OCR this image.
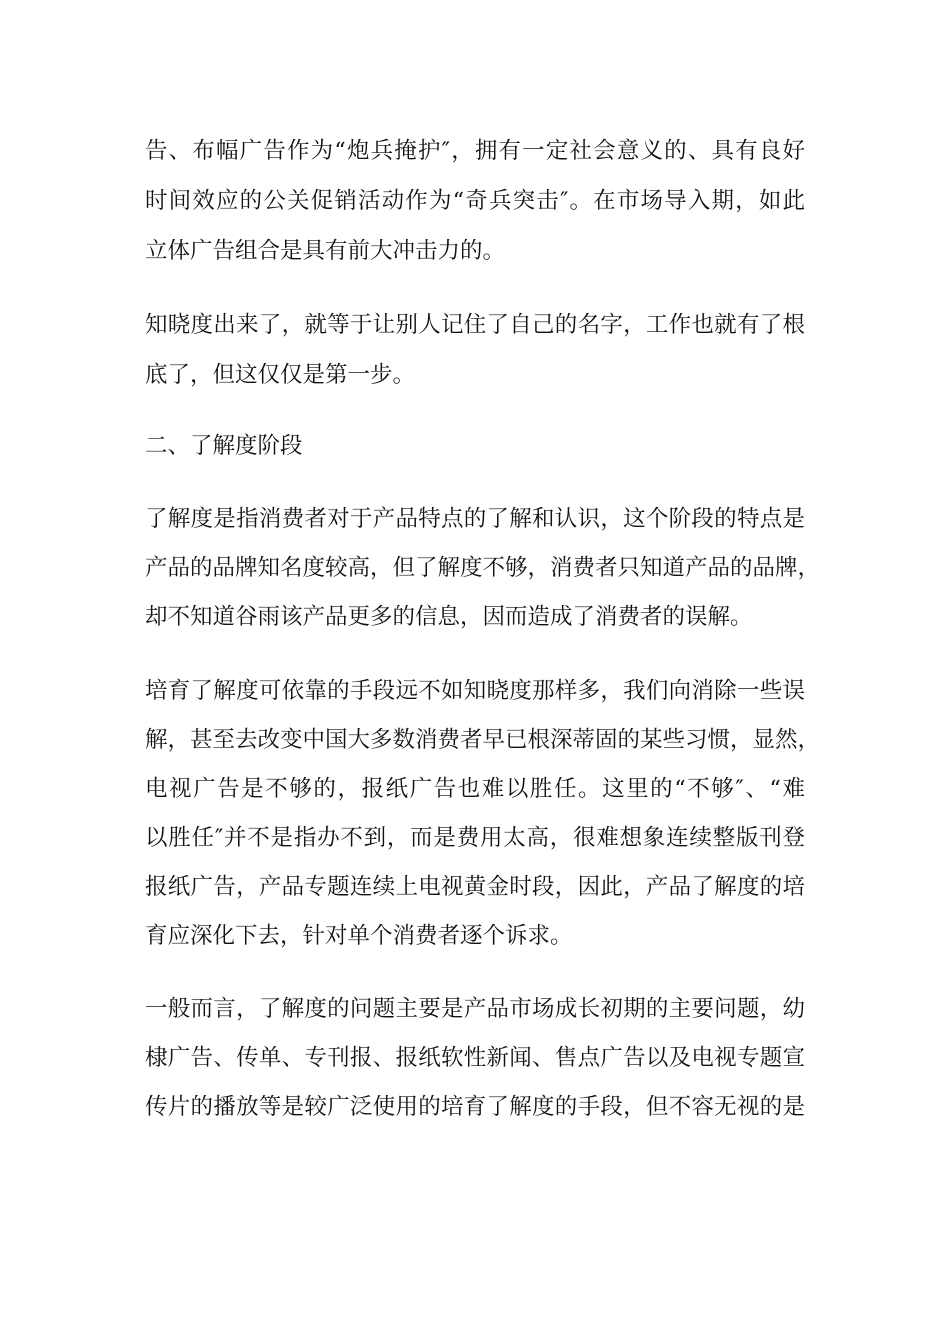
告、布幅广告作为“炮兵掩护″，拥有一定社会意义的、具有良好
时间效应的公关促销活动作为“奇兵突击″。在市场导入期，如此
立体广告组合是具有前大冲击力的。
知晓度出来了，就等于让别人记住了自己的名字，工作也就有了根
底了，但这仅仅是第一步。
二、了解度阶段
了解度是指消费者对于产品特点的了解和认识，这个阶段的特点是
产品的品牌知名度较高，但了解度不够，消费者只知道产品的品牌，
却不知道谷雨该产品更多的信息，因而造成了消费者的误解。
培育了解度可依靠的手段远不如知晓度那样多，我们向消除一些误
解，甚至去改变中国大多数消费者早已根深蒂固的某些习惯，显然，
电视广告是不够的，报纸广告也难以胜任。这里的“不够″、“难
以胜任″并不是指办不到，而是费用太高，很难想象连续整版刊登
报纸广告，产品专题连续上电视黄金时段，因此，产品了解度的培
育应深化下去，针对单个消费者逐个诉求。
一般而言，了解度的问题主要是产品市场成长初期的主要问题，幼
棣广告、传单、专刊报、报纸软性新闻、售点广告以及电视专题宣
传片的播放等是较广泛使用的培育了解度的手段，但不容无视的是
